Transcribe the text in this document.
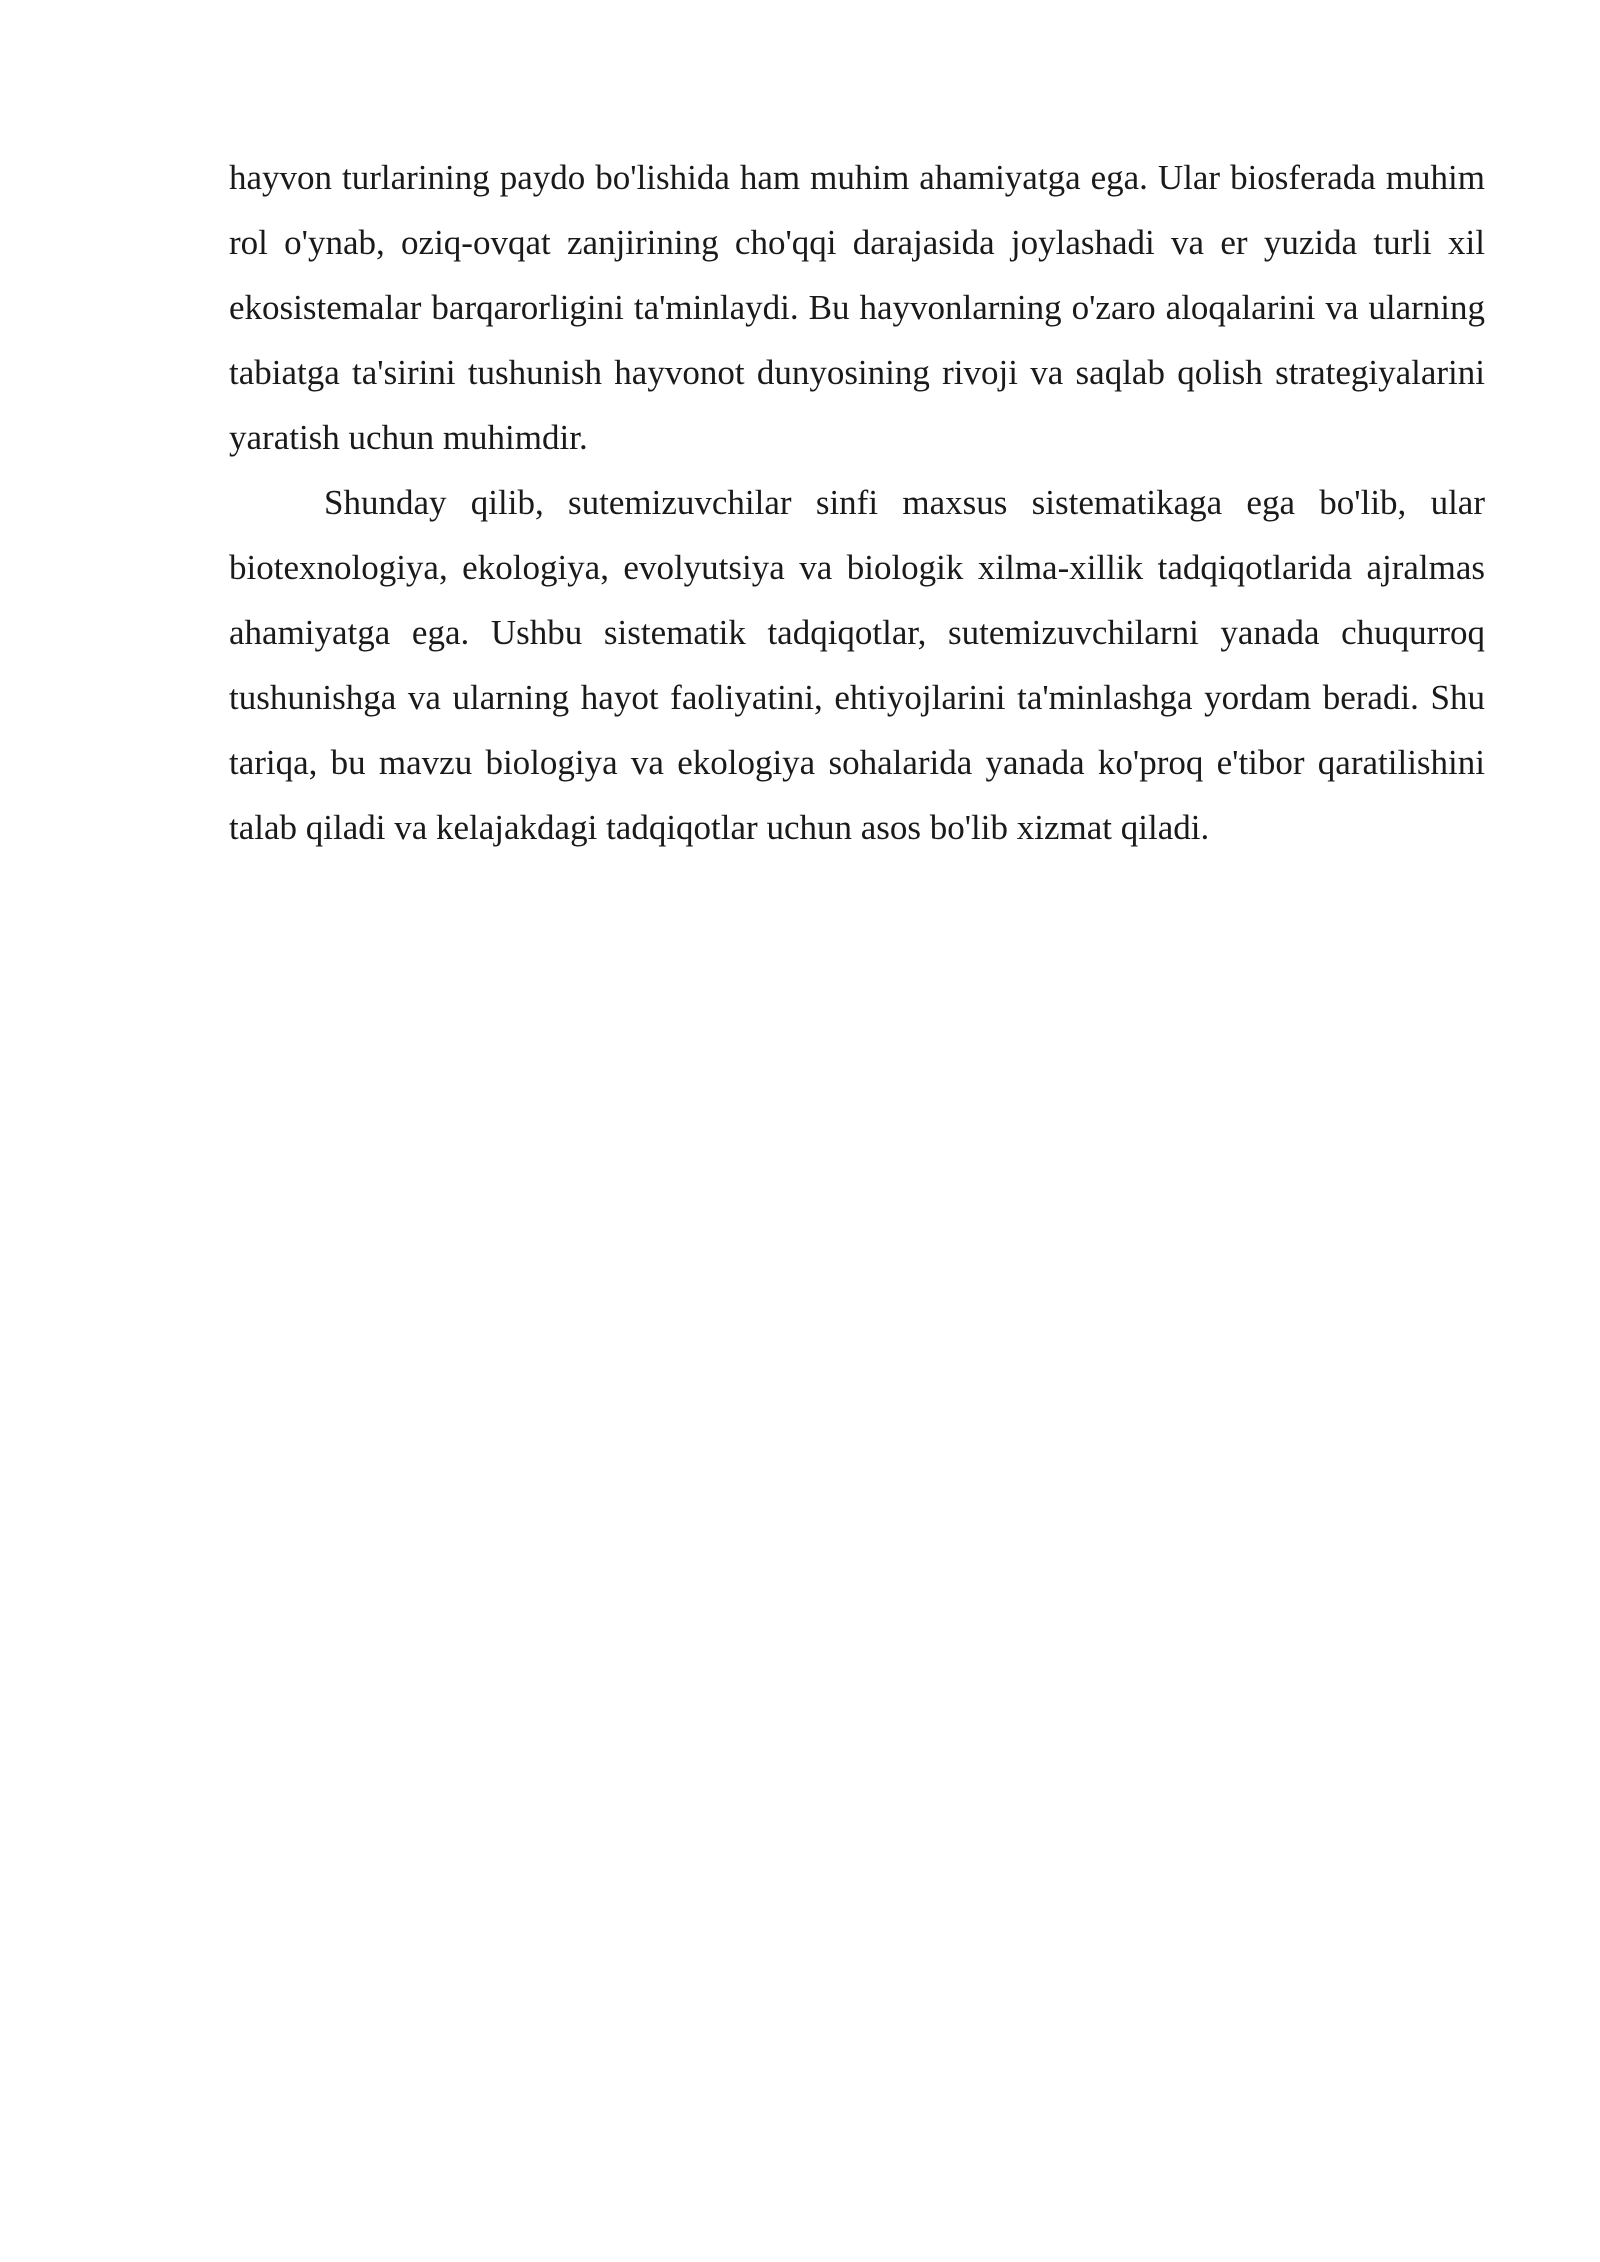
hayvon turlarining paydo bo'lishida ham muhim ahamiyatga ega. Ular biosferada muhim rol o'ynab, oziq-ovqat zanjirining cho'qqi darajasida joylashadi va er yuzida turli xil ekosistemalar barqarorligini ta'minlaydi. Bu hayvonlarning o'zaro aloqalarini va ularning tabiatga ta'sirini tushunish hayvonot dunyosining rivoji va saqlab qolish strategiyalarini yaratish uchun muhimdir.

Shunday qilib, sutemizuvchilar sinfi maxsus sistematikaga ega bo'lib, ular biotexnologiya, ekologiya, evolyutsiya va biologik xilma-xillik tadqiqotlarida ajralmas ahamiyatga ega. Ushbu sistematik tadqiqotlar, sutemizuvchilarni yanada chuqurroq tushunishga va ularning hayot faoliyatini, ehtiyojlarini ta'minlashga yordam beradi. Shu tariqa, bu mavzu biologiya va ekologiya sohalarida yanada ko'proq e'tibor qaratilishini talab qiladi va kelajakdagi tadqiqotlar uchun asos bo'lib xizmat qiladi.
